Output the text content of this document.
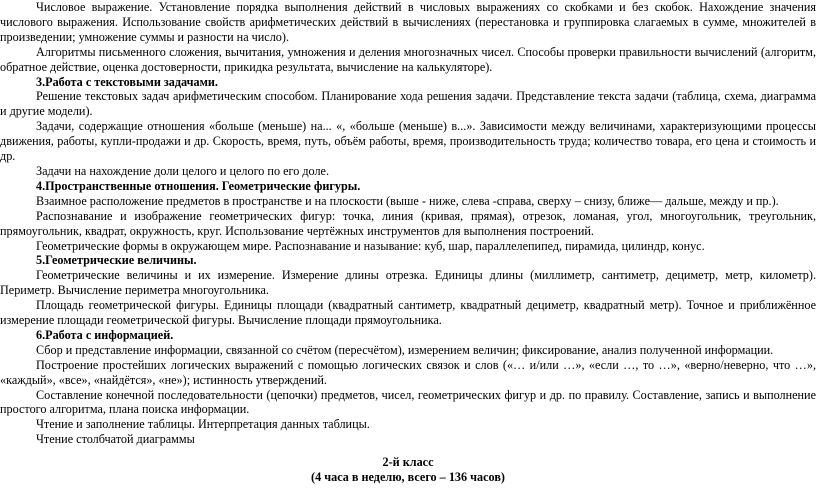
Числовое выражение. Установление порядка выполнения действий в числовых выражениях со скобками и без скобок. Нахождение значения числового выражения. Использование свойств арифметических действий в вычислениях (перестановка и группировка слагаемых в сумме, множителей в произведении; умножение суммы и разности на число).

Алгоритмы письменного сложения, вычитания, умножения и деления многозначных чисел. Способы проверки правильности вычислений (алгоритм, обратное действие, оценка достоверности, прикидка результата, вычисление на калькуляторе).

3.Работа с текстовыми задачами.

Решение текстовых задач арифметическим способом. Планирование хода решения задачи. Представление текста задачи (таблица, схема, диаграмма и другие модели).

Задачи, содержащие отношения «больше (меньше) на... «, «больше (меньше) в...». Зависимости между величинами, характеризующими процессы движения, работы, купли-продажи и др. Скорость, время, путь, объём работы, время, производительность труда; количество товара, его цена и стоимость и др.

Задачи на нахождение доли целого и целого по его доле.

4.Пространственные отношения. Геометрические фигуры.

Взаимное расположение предметов в пространстве и на плоскости (выше - ниже, слева -справа, сверху – снизу, ближе— дальше, между и пр.).

Распознавание и изображение геометрических фигур: точка, линия (кривая, прямая), отрезок, ломаная, угол, многоугольник, треугольник, прямоугольник, квадрат, окружность, круг. Использование чертёжных инструментов для выполнения построений.

Геометрические формы в окружающем мире. Распознавание и называние: куб, шар, параллелепипед, пирамида, цилиндр, конус.

5.Геометрические величины.

Геометрические величины и их измерение. Измерение длины отрезка. Единицы длины (миллиметр, сантиметр, дециметр, метр, километр). Периметр. Вычисление периметра многоугольника.

Площадь геометрической фигуры. Единицы площади (квадратный сантиметр, квадратный дециметр, квадратный метр). Точное и приближённое измерение площади геометрической фигуры. Вычисление площади прямоугольника.

6.Работа с информацией.

Сбор и представление информации, связанной со счётом (пересчётом), измерением величин; фиксирование, анализ полученной информации.

Построение простейших логических выражений с помощью логических связок и слов («… и/или …», «если …, то …», «верно/неверно, что …», «каждый», «все», «найдётся», «не»); истинность утверждений.

Составление конечной последовательности (цепочки) предметов, чисел, геометрических фигур и др. по правилу. Составление, запись и выполнение простого алгоритма, плана поиска информации.

Чтение и заполнение таблицы. Интерпретация данных таблицы.

Чтение столбчатой диаграммы

2-й класс

(4 часа в неделю, всего – 136 часов)
